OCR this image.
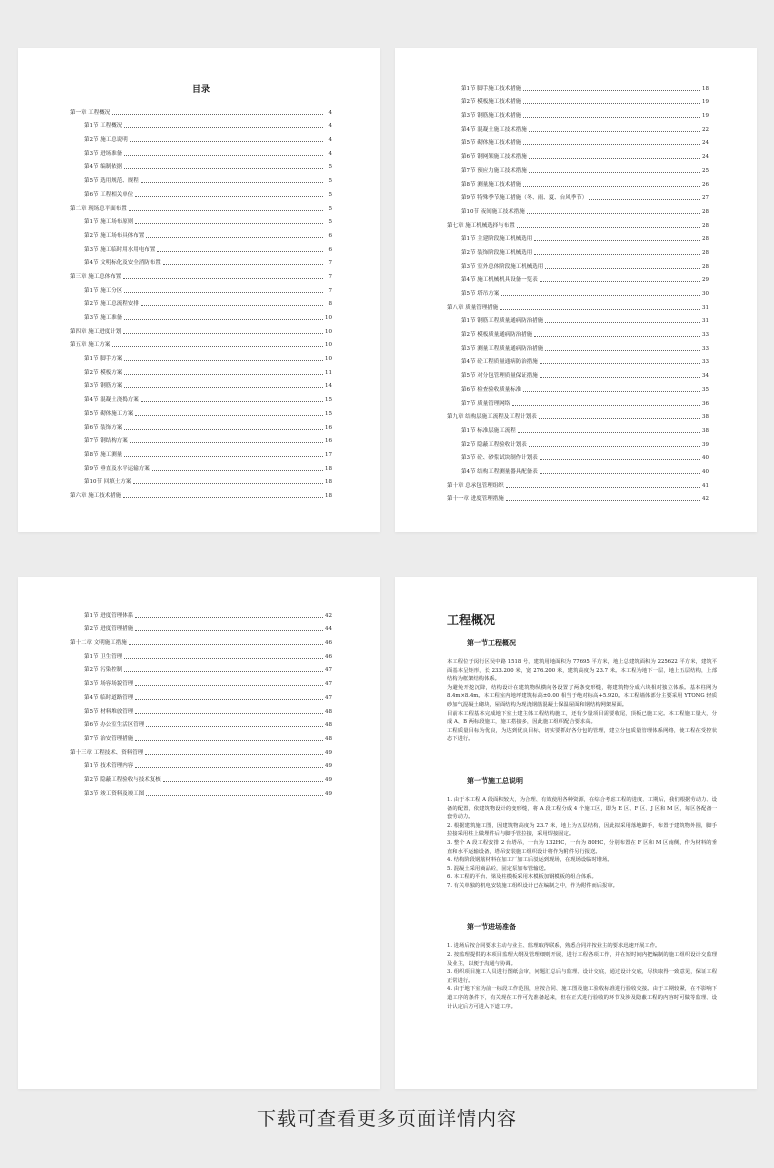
目录
第一章 工程概况	4
第1节 工程概况	4
第2节 施工总说明	4
第3节 进场准备	4
第4节 编制依据	5
第5节 选用规范、规程	5
第6节 工程相关单位	5
第二章 现场总平面布置	5
第1节 施工场布原则	5
第2节 施工场布具体布置	6
第3节 施工临时用水用电布置	6
第4节 文明标化及安全消防布置	7
第三章 施工总体布置	7
第1节 施工分区	7
第2节 施工总流程安排	8
第3节 施工准备	10
第四章 施工进度计划	10
第五章 施工方案	10
第1节 脚手方案	10
第2节 模板方案	11
第3节 钢筋方案	14
第4节 混凝土浇捣方案	15
第5节 砌体施工方案	15
第6节 装饰方案	16
第7节 钢结构方案	16
第8节 施工测量	17
第9节 垂直及水平运输方案	18
第10节 回填土方案	18
第六章 施工技术措施	18
第1节 脚手施工技术措施	18
第2节 模板施工技术措施	19
第3节 钢筋施工技术措施	19
第4节 混凝土施工技术措施	22
第5节 砌体施工技术措施	24
第6节 钢网架施工技术措施	24
第7节 预应力施工技术措施	25
第8节 测量施工技术措施	26
第9节 特殊季节施工措施（冬、雨、夏、台风季节）	27
第10节 夜间施工技术措施	28
第七章 施工机械选择与布置	28
第1节 主建阶段施工机械选用	28
第2节 装饰阶段施工机械选用	28
第3节 室外总体阶段施工机械选用	28
第4节 施工机械机具设备一览表	29
第5节 塔吊方案	30
第八章 质量管理措施	31
第1节 钢筋工程质量通病防治措施	31
第2节 模板质量通病防治措施	33
第3节 测量工程质量通病防治措施	33
第4节 砼工程质量通病防治措施	33
第5节 对分包管理质量保证措施	34
第6节 检查验收质量标准	35
第7节 质量管理网络	36
第九章 结构层施工流程及工程计划表	38
第1节 标准层施工流程	38
第2节 隐蔽工程验收计划表	39
第3节 砼、砂浆试块制作计划表	40
第4节 结构工程测量器具配备表	40
第十章 总承包管理组织	41
第十一章 进度管理措施	42
第1节 进度管理体系	42
第2节 进度管理措施	44
第十二章 文明施工措施	46
第1节 卫生管理	46
第2节 污染控制	47
第3节 场容场貌管理	47
第4节 临时道路管理	47
第5节 材料堆放管理	48
第6节 办公室生活区管理	48
第7节 治安管理措施	48
第十三章 工程技术、资料管理	49
第1节 技术管理内容	49
第2节 隐蔽工程验收与技术复核	49
第3节 竣工资料及竣工图	49
工程概况
第一节工程概况

本工程位于闵行区吴中路 1518 号，建筑用地面积为 77695 平方米，地上总建筑面积为 225622 平方米，建筑平面基本呈矩形，长 233.200 米，宽 276.200 米，建筑高度为 23.7 米。本工程为地下一层，地上五层结构，上部结构为框架结构体系。

为避免开挖沉降，结构设计在建筑物纵横向各设置了两条变形缝，将建筑物分成六块相对独立体系。基本柱网为 8.4m×8.4m。本工程室内地坪建筑标高±0.00 相当于绝对标高+5.920。本工程墙体部分主要采用 YTONG 轻质砂加气混凝土砌块，屋面结构为现浇钢筋混凝土保温屋面和钢结构网架屋面。

目前本工程基本完成地下室土建主体工程结构施工，还有少量项目需要收尾，顶板已施工完。本工程施工量大，分成 A、B 两标段施工，施工搭接多，因此施工组织配合要求高。

工程质量目标为优良，为达到优良目标，切实要抓好各分包的管理，建立分包质量管理体系网络，使工程在受控状态下进行。

第一节施工总说明

1. 由于本工程 A 段面积较大，为合理、有效使用各种资源，在综合考虑工程的进度、工期后，我们根据劳动力、设备的配置，依建筑物设计的变形缝，将 A 段工程分成 4 个施工区，即为 E 区、F 区、J 区和 M 区，每区各配备一套劳动力。

2. 根据建筑施工图，因建筑物高度为 23.7 米，地上为五层结构，因此拟采用落地脚手，布置于建筑物外围，脚手拉接采用柱上做埋件后与脚手管拉接，采用焊接固定。

3. 整个 A 段工程安排 2 台塔吊，一台为 132HC，一台为 80HC，分别布置在 F 区和 M 区南侧，作为材料的垂直和水平运输设备，塔吊安装施工组织设计将作为附件另行报送。

4. 结构阶段钢筋材料在加工厂加工后驳运到现场，在现场设临时堆场。

5. 混凝土采用商品砼，固定泵加布管输送。

6. 本工程的平台、梁及柱模板采用木模板加钢模板的组合体系。

7. 有关单独的机电安装施工组织设计已在编制之中，作为附件而后报审。

第一节进场准备

1. 进场后按合同要求主动与业主、监理取得联系，熟悉合同并按业主的要求迅速开展工作。

2. 按监理提供的本项目监理大纲及管理细则开展，进行工程各项工作，并在短时间内把编制的施工组织设计交监理及业主，以便于沟通与协调。

3. 组织项目施工人员进行图纸会审，问题汇总后与监理、设计交底，通过设计交底，尽快取得一致意见，保证工程正常进行。

4. 由于地下室为前一标段工作范围，应按合同、施工图及施工验收标准进行验收交接。由于工期较紧，在不影响下道工序的条件下，有关现在工作可先准备起来，但在正式进行验收的环节及涉及隐蔽工程的内容时可做等监理、设计认定后方可进入下道工序。

下载可查看更多页面详情内容
